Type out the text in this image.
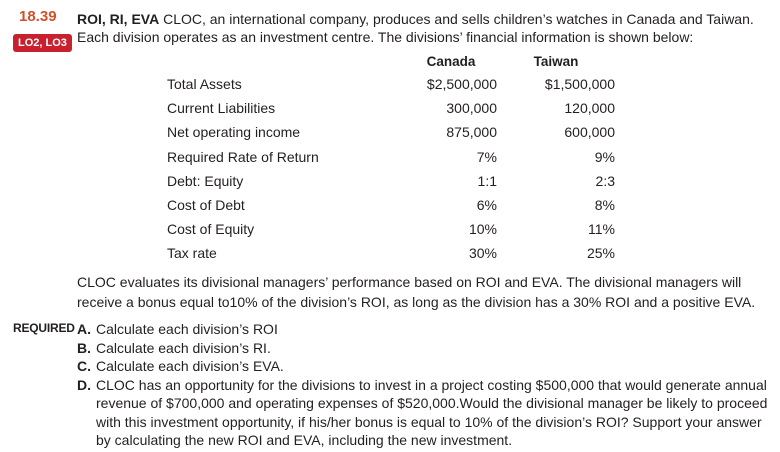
18.39
LO2, LO3
ROI, RI, EVA CLOC, an international company, produces and sells children’s watches in Canada and Taiwan. Each division operates as an investment centre. The divisions’ financial information is shown below:
	Canada	Taiwan
Total Assets	$2,500,000	$1,500,000
Current Liabilities	300,000	120,000
Net operating income	875,000	600,000
Required Rate of Return	7%	9%
Debt: Equity	1:1	2:3
Cost of Debt	6%	8%
Cost of Equity	10%	11%
Tax rate	30%	25%
CLOC evaluates its divisional managers’ performance based on ROI and EVA. The divisional managers will receive a bonus equal to10% of the division’s ROI, as long as the division has a 30% ROI and a positive EVA.
REQUIRED A. Calculate each division’s ROI
B. Calculate each division’s RI.
C. Calculate each division’s EVA.
D. CLOC has an opportunity for the divisions to invest in a project costing $500,000 that would generate annual revenue of $700,000 and operating expenses of $520,000.Would the divisional manager be likely to proceed with this investment opportunity, if his/her bonus is equal to 10% of the division’s ROI? Support your answer by calculating the new ROI and EVA, including the new investment.
